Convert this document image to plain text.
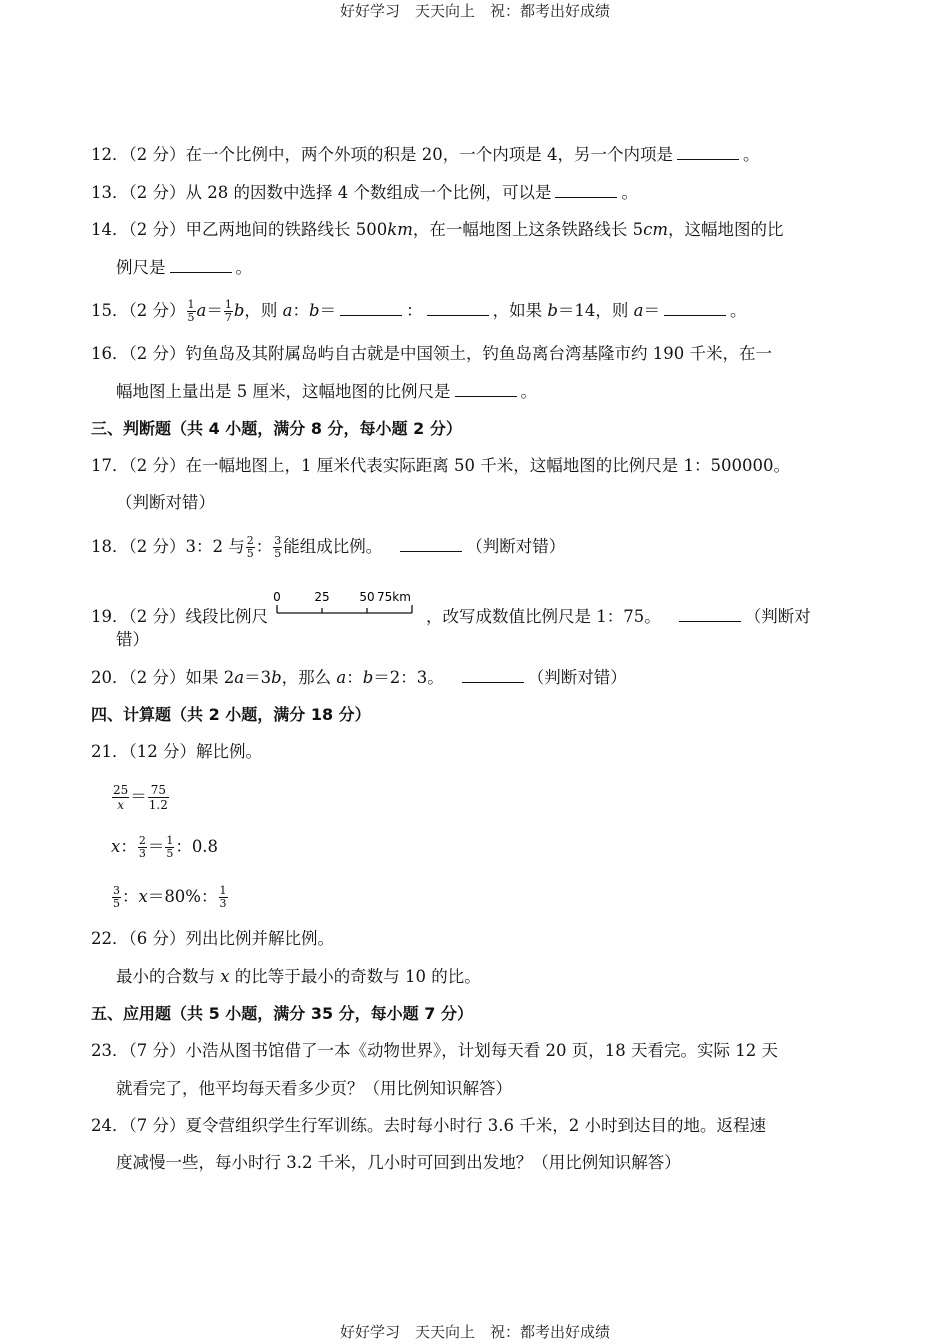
好好学习　天天向上　祝：都考出好成绩
12．（2 分）在一个比例中，两个外项的积是 20，一个内项是 4，另一个内项是	。
13．（2 分）从 28 的因数中选择 4 个数组成一个比例，可以是	。
14．（2 分）甲乙两地间的铁路线长 500km，在一幅地图上这条铁路线长 5cm，这幅地图的比
例尺是	。
15．（2 分） $\frac{1}{5} a= \frac{1}{7}$ b，则 a：b＝	：	，如果 b＝14，则 a＝	。
16．（2 分）钓鱼岛及其附属岛屿自古就是中国领土，钓鱼岛离台湾基隆市约 190 千米，在一
幅地图上量出是 5 厘米，这幅地图的比例尺是	。
三、判断题（共 4 小题，满分 8 分，每小题 2 分）
17．（2 分）在一幅地图上，1 厘米代表实际距离 50 千米，这幅地图的比例尺是 1：500000。
（判断对错）
18．（2 分）3：2 与 $\frac{2}{5}$ ： $\frac{3}{5}$ 能组成比例。	（判断对错）
19．（2 分）线段比例尺
0	25 50 75km
，改写成数值比例尺是 1：75。	（判断对
错）
20．（2 分）如果 2a＝3b，那么 a：b＝2：3。	（判断对错）
四、计算题（共 2 小题，满分 18 分）
21．（12 分）解比例。
$\frac{25}{x} = \frac{75}{1.2}$
x： $\frac{2}{3} = \frac{1}{5}$ ：0.8
$\frac{3}{5}$ ：x＝80%： $\frac{1}{3}$
22．（6 分）列出比例并解比例。
最小的合数与 x 的比等于最小的奇数与 10 的比。
五、应用题（共 5 小题，满分 35 分，每小题 7 分）
23．（7 分）小浩从图书馆借了一本《动物世界》，计划每天看 20 页，18 天看完。实际 12 天
就看完了，他平均每天看多少页？（用比例知识解答）
24．（7 分）夏令营组织学生行军训练。去时每小时行 3.6 千米，2 小时到达目的地。返程速
度减慢一些，每小时行 3.2 千米，几小时可回到出发地？（用比例知识解答）
好好学习　天天向上　祝：都考出好成绩
